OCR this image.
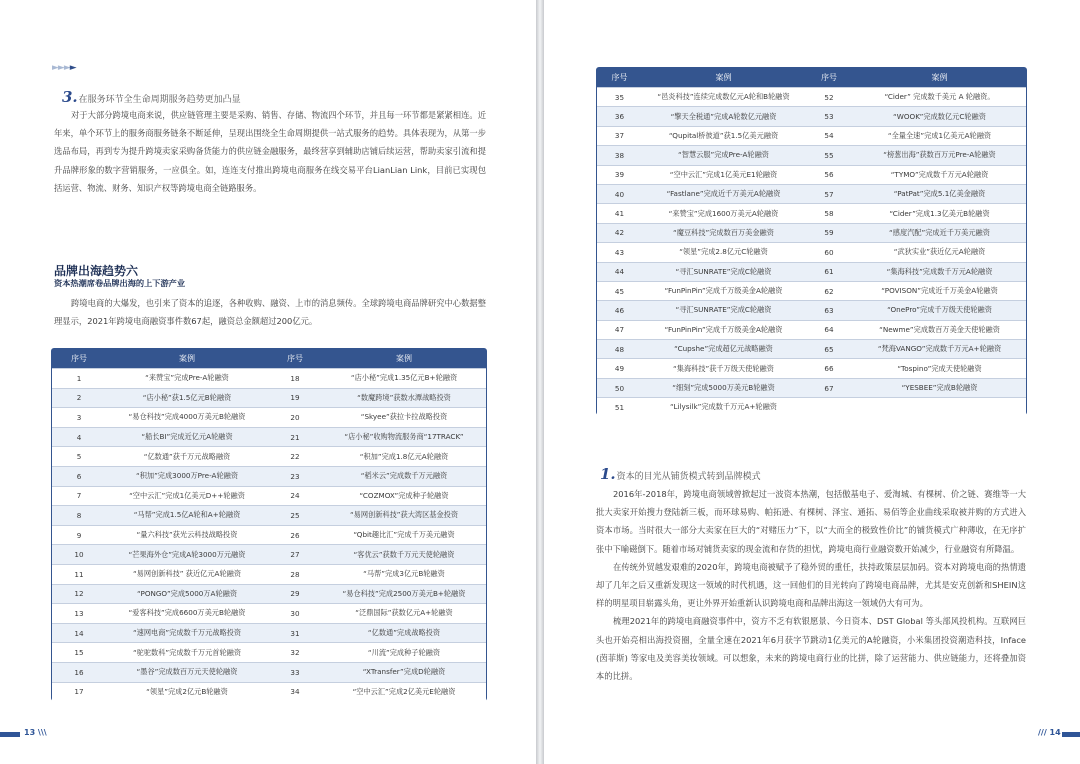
►►►►
3.在服务环节全生命周期服务趋势更加凸显

对于大部分跨境电商来说，供应链管理主要是采购、销售、存储、物流四个环节，并且每一环节都是紧紧相连。近年来，单个环节上的服务商服务链条不断延伸，呈现出围绕全生命周期提供一站式服务的趋势。具体表现为，从第一步选品布局，再到专为提升跨境卖家采购备货能力的供应链金融服务，最终营享到辅助店铺后续运营，帮助卖家引流和提升品牌形象的数字营销服务，一应俱全。如，连连支付推出跨境电商服务在线交易平台LianLian Link，目前已实现包括运营、物流、财务、知识产权等跨境电商全链路服务。

品牌出海趋势六
资本热潮席卷品牌出海的上下游产业

跨境电商的大爆发，也引来了资本的追逐，各种收购、融资、上市的消息频传。全球跨境电商品牌研究中心数据整理显示，2021年跨境电商融资事件数67起，融资总金额超过200亿元。

序号	案例	序号	案例
1	“来赞宝”完成Pre-A轮融资	18	“店小秘”完成1.35亿元B+轮融资
2	“店小秘”获1.5亿元B轮融资	19	“数魔跨境”获数水潭战略投资
3	“易仓科技”完成4000万美元B轮融资	20	“Skyee”获拉卡拉战略投资
4	“船长BI”完成近亿元A轮融资	21	“店小秘”收购物流服务商“17TRACK”
5	“亿数通”获千万元战略融资	22	“积加”完成1.8亿元A轮融资
6	“积加”完成3000万Pre-A轮融资	23	“稻米云”完成数千万元融资
7	“空中云汇”完成1亿美元D++轮融资	24	“COZMOX”完成种子轮融资
8	“马帮”完成1.5亿A轮和A+轮融资	25	“易网创新科技”获大湾区基金投资
9	“量六科技”获光云科技战略投资	26	“Qbit趣比汇”完成千万美元融资
10	“芒果海外仓”完成A轮3000万元融资	27	“客优云”获数千万元天使轮融资
11	“易网创新科技” 获近亿元A轮融资	28	“马帮”完成3亿元B轮融资
12	“PONGO”完成5000万A轮融资	29	“易仓科技”完成2500万美元B+轮融资
13	“爱客科技”完成6600万美元B轮融资	30	“泛鼎国际”获数亿元A+轮融资
14	“速网电商”完成数千万元战略投资	31	“亿数通”完成战略投资
15	“驼驼数科”完成数千万元首轮融资	32	“川流”完成种子轮融资
16	“墨谷”完成数百万元天使轮融资	33	“XTransfer”完成D轮融资
17	“领星”完成2亿元B轮融资	34	“空中云汇”完成2亿美元E轮融资
13 \\\
序号	案例	序号	案例
35	“邑炎科技”连续完成数亿元A轮和B轮融资	52	“Cider” 完成数千美元 A 轮融资。
36	“擎天全税通”完成A轮数亿元融资	53	“WOOK”完成数亿元C轮融资
37	“Qupital桥彼道”获1.5亿美元融资	54	“全量全速”完成1亿美元A轮融资
38	“智慧云服”完成Pre-A轮融资	55	“榜葱出海”获数百万元Pre-A轮融资
39	“空中云汇”完成1亿美元E1轮融资	56	“TYMO”完成数千万元A轮融资
40	“Fastlane”完成近千万美元A轮融资	57	“PatPat”完成5.1亿美金融资
41	“来赞宝”完成1600万美元A轮融资	58	“Cider”完成1.3亿美元B轮融资
42	“魔豆科技”完成数百万美金融资	59	“感度汽配”完成近千万美元融资
43	“领星”完成2.8亿元C轮融资	60	“武狄实业”获近亿元A轮融资
44	“寻汇SUNRATE”完成C轮融资	61	“集海科技”完成数千万元A轮融资
45	“FunPinPin”完成千万级美金A轮融资	62	“POVISON”完成近千万美金A轮融资
46	“寻汇SUNRATE”完成C轮融资	63	“OnePro”完成千万级天使轮融资
47	“FunPinPin”完成千万级美金A轮融资	64	“Newme”完成数百万美金天使轮融资
48	“Cupshe”完成超亿元战略融资	65	“梵海VANGO”完成数千万元A+轮融资
49	“集海科技”获千万级天使轮融资	66	“Tospino”完成天使轮融资
50	“细刻”完成5000万美元B轮融资	67	“YESBEE”完成B轮融资
51	“Lilysilk”完成数千万元A+轮融资		
1.资本的目光从铺货模式转到品牌模式

2016年-2018年，跨境电商领域曾掀起过一波资本热潮，包括傲基电子、爱淘城、有棵树、价之链、赛维等一大批大卖家开始搜力登陆新三板，而环球易购、帕拓逊、有棵树、泽宝、通拓、易佰等企业曲线采取被并购的方式进入资本市场。当时很大一部分大卖家在巨大的“对赌压力”下，以“大而全的极致性价比”的铺货模式广种薄收，在无序扩张中下喻磁倒下。随着市场对铺货卖家的现金流和存货的担忧，跨境电商行业融资数开始减少，行业融资有所降温。

在传统外贸越发艰难的2020年，跨境电商被赋予了稳外贸的重任，扶持政策层层加码。资本对跨境电商的热情遗却了几年之后又重新发现这一领域的时代机遇，这一回他们的目光转向了跨境电商品牌，尤其是安克创新和SHEIN这样的明星项目崭露头角，更让外界开始重新认识跨境电商和品牌出海这一领域仍大有可为。

梳理2021年的跨境电商融资事件中，资方不乏有软银愿景、今日资本、DST Global 等头部风投机构。互联网巨头也开始亮相出海投资圈，全量全速在2021年6月获字节跳动1亿美元的A轮融资，小米集团投资潮造科技，Inface (茵菲斯) 等家电及美容美妆领域。可以想象，未来的跨境电商行业的比拼，除了运营能力、供应链能力，还将叠加资本的比拼。

/// 14
